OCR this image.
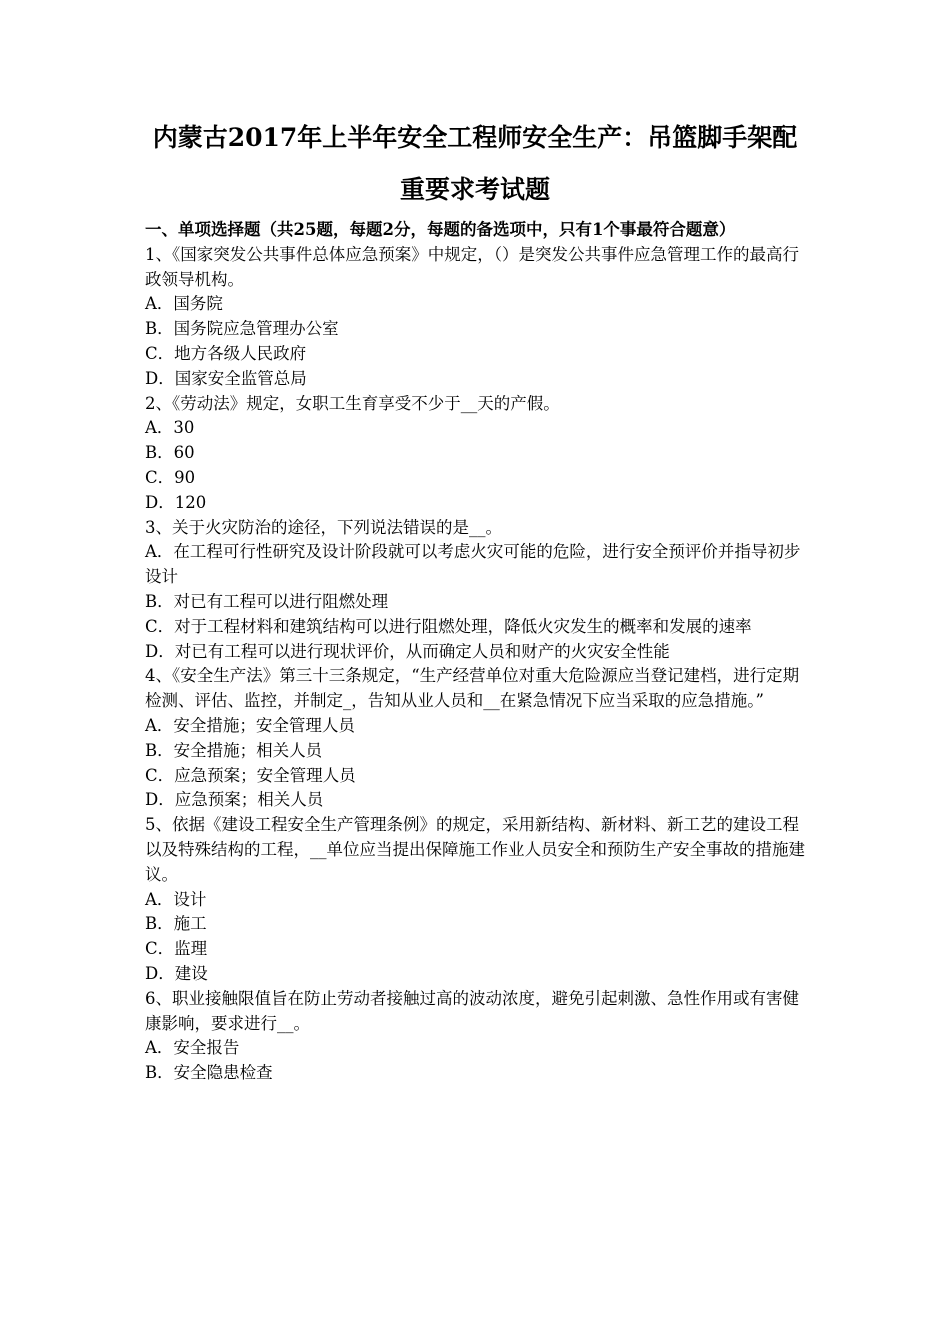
内蒙古2017年上半年安全工程师安全生产：吊篮脚手架配
重要求考试题
一、单项选择题（共25题，每题2分，每题的备选项中，只有1个事最符合题意）
1、《国家突发公共事件总体应急预案》中规定，（）是突发公共事件应急管理工作的最高行政领导机构。
A．国务院
B．国务院应急管理办公室
C．地方各级人民政府
D．国家安全监管总局
2、《劳动法》规定，女职工生育享受不少于__天的产假。
A．30
B．60
C．90
D．120
3、关于火灾防治的途径，下列说法错误的是__。
A．在工程可行性研究及设计阶段就可以考虑火灾可能的危险，进行安全预评价并指导初步设计
B．对已有工程可以进行阻燃处理
C．对于工程材料和建筑结构可以进行阻燃处理，降低火灾发生的概率和发展的速率
D．对已有工程可以进行现状评价，从而确定人员和财产的火灾安全性能
4、《安全生产法》第三十三条规定，“生产经营单位对重大危险源应当登记建档，进行定期检测、评估、监控，并制定_，告知从业人员和__在紧急情况下应当采取的应急措施。”
A．安全措施；安全管理人员
B．安全措施；相关人员
C．应急预案；安全管理人员
D．应急预案；相关人员
5、依据《建设工程安全生产管理条例》的规定，采用新结构、新材料、新工艺的建设工程以及特殊结构的工程，__单位应当提出保障施工作业人员安全和预防生产安全事故的措施建议。
A．设计
B．施工
C．监理
D．建设
6、职业接触限值旨在防止劳动者接触过高的波动浓度，避免引起刺激、急性作用或有害健康影响，要求进行__。
A．安全报告
B．安全隐患检查
